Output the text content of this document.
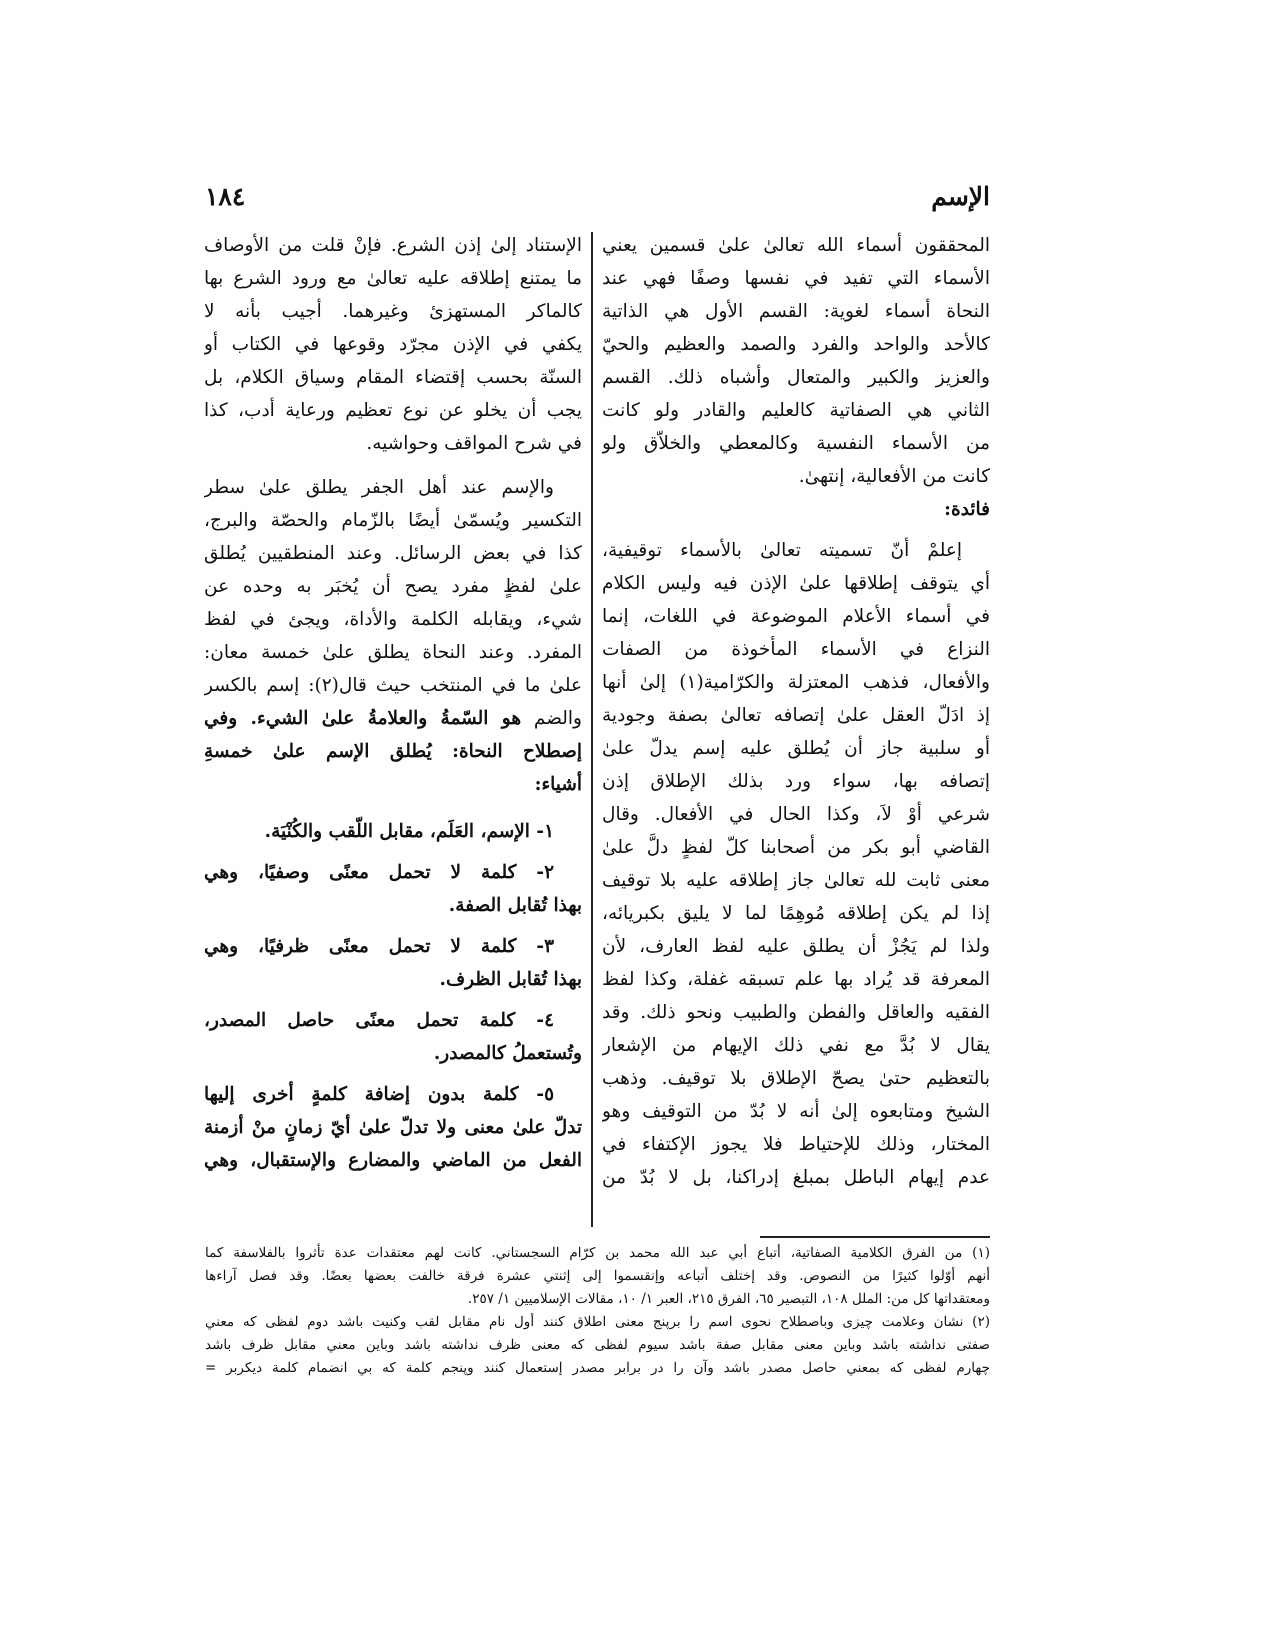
الإسم
١٨٤
المحققون أسماء الله تعالىٰ علىٰ قسمين يعني
الأسماء التي تفيد في نفسها وصفًا فهي عند
النحاة أسماء لغوية: القسم الأول هي الذاتية
كالأحد والواحد والفرد والصمد والعظيم والحيّ
والعزيز والكبير والمتعال وأشباه ذلك. القسم
الثاني هي الصفاتية كالعليم والقادر ولو كانت
من الأسماء النفسية وكالمعطي والخلاّق ولو
كانت من الأفعالية، إنتهىٰ.
فائدة:
إعلمْ أنّ تسميته تعالىٰ بالأسماء توقيفية،
أي يتوقف إطلاقها علىٰ الإذن فيه وليس الكلام
في أسماء الأعلام الموضوعة في اللغات، إنما
النزاع في الأسماء المأخوذة من الصفات
والأفعال، فذهب المعتزلة والكرّامية(١) إلىٰ أنها
إذ ادَلّ العقل علىٰ إتصافه تعالىٰ بصفة وجودية
أو سلبية جاز أن يُطلق عليه إسم يدلّ علىٰ
إتصافه بها، سواء ورد بذلك الإطلاق إذن
شرعي أوْ لاَ، وكذا الحال في الأفعال. وقال
القاضي أبو بكر من أصحابنا كلّ لفظٍ دلَّ علىٰ
معنى ثابت لله تعالىٰ جاز إطلاقه عليه بلا توقيف
إذا لم يكن إطلاقه مُوهِمًا لما لا يليق بكبريائه،
ولذا لم يَجُزْ أن يطلق عليه لفظ العارف، لأن
المعرفة قد يُراد بها علم تسبقه غفلة، وكذا لفظ
الفقيه والعاقل والفطن والطبيب ونحو ذلك. وقد
يقال لا بُدَّ مع نفي ذلك الإيهام من الإشعار
بالتعظيم حتىٰ يصحّ الإطلاق بلا توقيف. وذهب
الشيخ ومتابعوه إلىٰ أنه لا بُدّ من التوقيف وهو
المختار، وذلك للإحتياط فلا يجوز الإكتفاء في
عدم إيهام الباطل بمبلغ إدراكنا، بل لا بُدّ من
الإستناد إلىٰ إذن الشرع. فإنْ قلت من الأوصاف
ما يمتنع إطلاقه عليه تعالىٰ مع ورود الشرع بها
كالماكر المستهزئ وغيرهما. أجيب بأنه لا
يكفي في الإذن مجرّد وقوعها في الكتاب أو
السنّة بحسب إقتضاء المقام وسياق الكلام، بل
يجب أن يخلو عن نوع تعظيم ورعاية أدب، كذا
في شرح المواقف وحواشيه.
والإسم عند أهل الجفر يطلق علىٰ سطر
التكسير ويُسمّىٰ أيضًا بالزّمام والحصّة والبرج،
كذا في بعض الرسائل. وعند المنطقيين يُطلق
علىٰ لفظٍ مفرد يصح أن يُخبَر به وحده عن
شيء، ويقابله الكلمة والأداة، ويجئ في لفظ
المفرد. وعند النحاة يطلق علىٰ خمسة معان:
علىٰ ما في المنتخب حيث قال(٢): إسم بالكسر
والضم هو السّمةُ والعلامةُ علىٰ الشيء. وفي
إصطلاح النحاة: يُطلق الإسم علىٰ خمسةِ
أشياء:
١- الإسم، العَلَم، مقابل اللّقب والكُنْيَة.
٢- كلمة لا تحمل معنًى وصفيًا، وهي
بهذا تُقابل الصفة.
٣- كلمة لا تحمل معنًى ظرفيًا، وهي
بهذا تُقابل الظرف.
٤- كلمة تحمل معنًى حاصل المصدر،
وتُستعملُ كالمصدر.
٥- كلمة بدون إضافة كلمةٍ أخرى إليها
تدلّ علىٰ معنى ولا تدلّ علىٰ أيّ زمانٍ منْ أزمنة
الفعل من الماضي والمضارع والإستقبال، وهي
(١) من الفرق الكلامية الصفاتية، أتباع أبي عبد الله محمد بن كرّام السجستاني. كانت لهم معتقدات عدة تأثروا بالفلاسفة كما
أنهم أوّلوا كثيرًا من النصوص. وقد إختلف أتباعه وإنقسموا إلى إثنتي عشرة فرقة خالفت بعضها بعضًا. وقد فصل آراءها
ومعتقداتها كل من: الملل ١٠٨، التبصير ٦٥، الفرق ٢١٥، العبر ١/ ١٠، مقالات الإسلاميين ١/ ٢٥٧.
(٢) نشان وعلامت چيزى وباصطلاح نحوى اسم را برپنج معنى اطلاق كنند أول نام مقابل لقب وكنيت باشد دوم لفظى كه معني
صفتى نداشته باشد وباين معنى مقابل صفة باشد سيوم لفظى كه معنى ظرف نداشته باشد وباين معني مقابل ظرف باشد
چهارم لفظى كه بمعني حاصل مصدر باشد وآن را در برابر مصدر إستعمال كنند وپنجم كلمة كه بي انضمام كلمة ديكربر =
